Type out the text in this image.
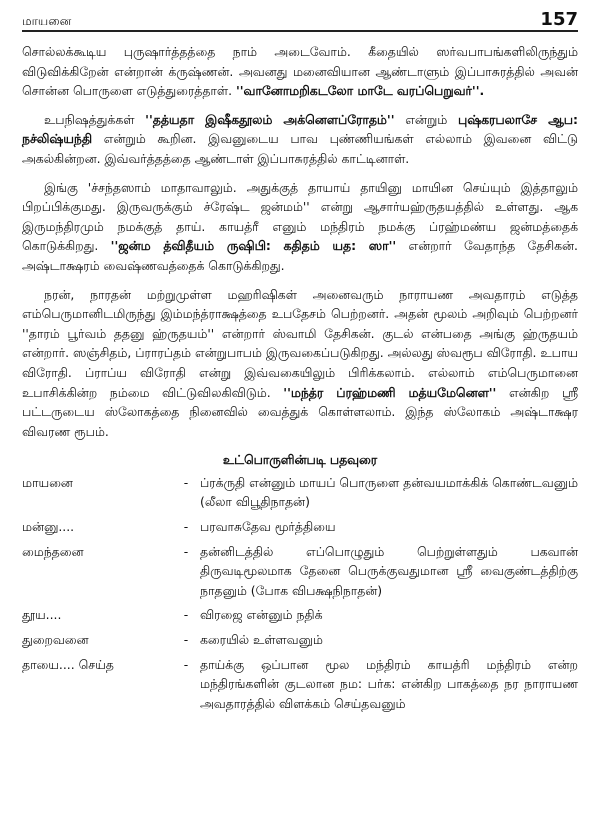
மாயனை	157

சொல்லக்கூடிய புருஷார்த்தத்தை நாம் அடைவோம். கீதையில் ஸர்வபாபங்களிலிருந்தும் விடுவிக்கிறேன் என்றான் க்ருஷ்ணன். அவனது மனைவியான ஆண்டாளும் இப்பாசுரத்தில் அவன் சொன்ன பொருளை எடுத்துரைத்தாள். ''வானோமறிகடலோ மாடே வரப்பெறுவர்''.

உபநிஷத்துக்கள் ''தத்யதா இஷீகதூலம் அக்னௌப்ரோதம்'' என்றும் புஷ்கரபலாசே ஆப: நச்லிஷ்யந்தி என்றும் கூறின. இவனுடைய பாவ புண்ணியங்கள் எல்லாம் இவனை விட்டு அகல்கின்றன. இவ்வர்த்தத்தை ஆண்டாள் இப்பாசுரத்தில் காட்டினாள்.

இங்கு 'ச்சந்தஸாம் மாதாவாலும். அதுக்குத் தாயாய் தாயினு மாயின செய்யும் இத்தாலும் பிறப்பிக்குமது. இருவருக்கும் ச்ரேஷ்ட ஜன்மம்'' என்று ஆசார்யஹ்ருதயத்தில் உள்ளது. ஆக இருமந்திரமும் நமக்குத் தாய். காயத்ரீ எனும் மந்திரம் நமக்கு ப்ரஹ்மண்ய ஜன்மத்தைக் கொடுக்கிறது. ''ஜன்ம த்விதீயம் ருஷிபி: கதிதம் யத: ஸா'' என்றார் வேதாந்த தேசிகன். அஷ்டாக்ஷரம் வைஷ்ணவத்தைக் கொடுக்கிறது.

நரன், நாரதன் மற்றுமுள்ள மஹரிஷிகள் அனைவரும் நாராயண அவதாரம் எடுத்த எம்பெருமானிடமிருந்து இம்மந்த்ராக்ஷத்தை உபதேசம் பெற்றனர். அதன் மூலம் அறிவும் பெற்றனர் ''தாரம் பூர்வம் ததனு ஹ்ருதயம்'' என்றார் ஸ்வாமி தேசிகன். குடல் என்பதை அங்கு ஹ்ருதயம் என்றார். ஸஞ்சிதம், ப்ராரப்தம் என்றுபாபம் இருவகைப்படுகிறது. அல்லது ஸ்வரூப விரோதி. உபாய விரோதி. ப்ராப்ய விரோதி என்று இவ்வகையிலும் பிரிக்கலாம். எல்லாம் எம்பெருமானை உபாசிக்கின்ற நம்மை விட்டுவிலகிவிடும். ''மந்த்ர ப்ரஹ்மணி மத்யமேனௌ'' என்கிற ஸ்ரீ பட்டருடைய ஸ்லோகத்தை நினைவில் வைத்துக் கொள்ளலாம். இந்த ஸ்லோகம் அஷ்டாக்ஷர விவரண ரூபம்.

உட்பொருளின்படி பதவுரை
மாயனை	-	ப்ரக்ருதி என்னும் மாயப் பொருளை தன்வயமாக்கிக் கொண்டவனும் (லீலா விபூதிநாதன்)
மன்னு....	-	பரவாசுதேவ மூர்த்தியை
மைந்தனை	-	தன்னிடத்தில் எப்பொழுதும் பெற்றுள்ளதும் பகவான் திருவடிமூலமாக தேனை பெருக்குவதுமான ஸ்ரீ வைகுண்டத்திற்கு நாதனும் (போக விபக்ஷநிநாதன்)
தூய....	-	விரஜை என்னும் நதிக்
துறைவனை	-	கரையில் உள்ளவனும்
தாயை.... செய்த	-	தாய்க்கு ஒப்பான மூல மந்திரம் காயத்ரி மந்திரம் என்ற மந்திரங்களின் குடலான நம: பர்க: என்கிற பாகத்தை நர நாராயண அவதாரத்தில் விளக்கம் செய்தவனும்
